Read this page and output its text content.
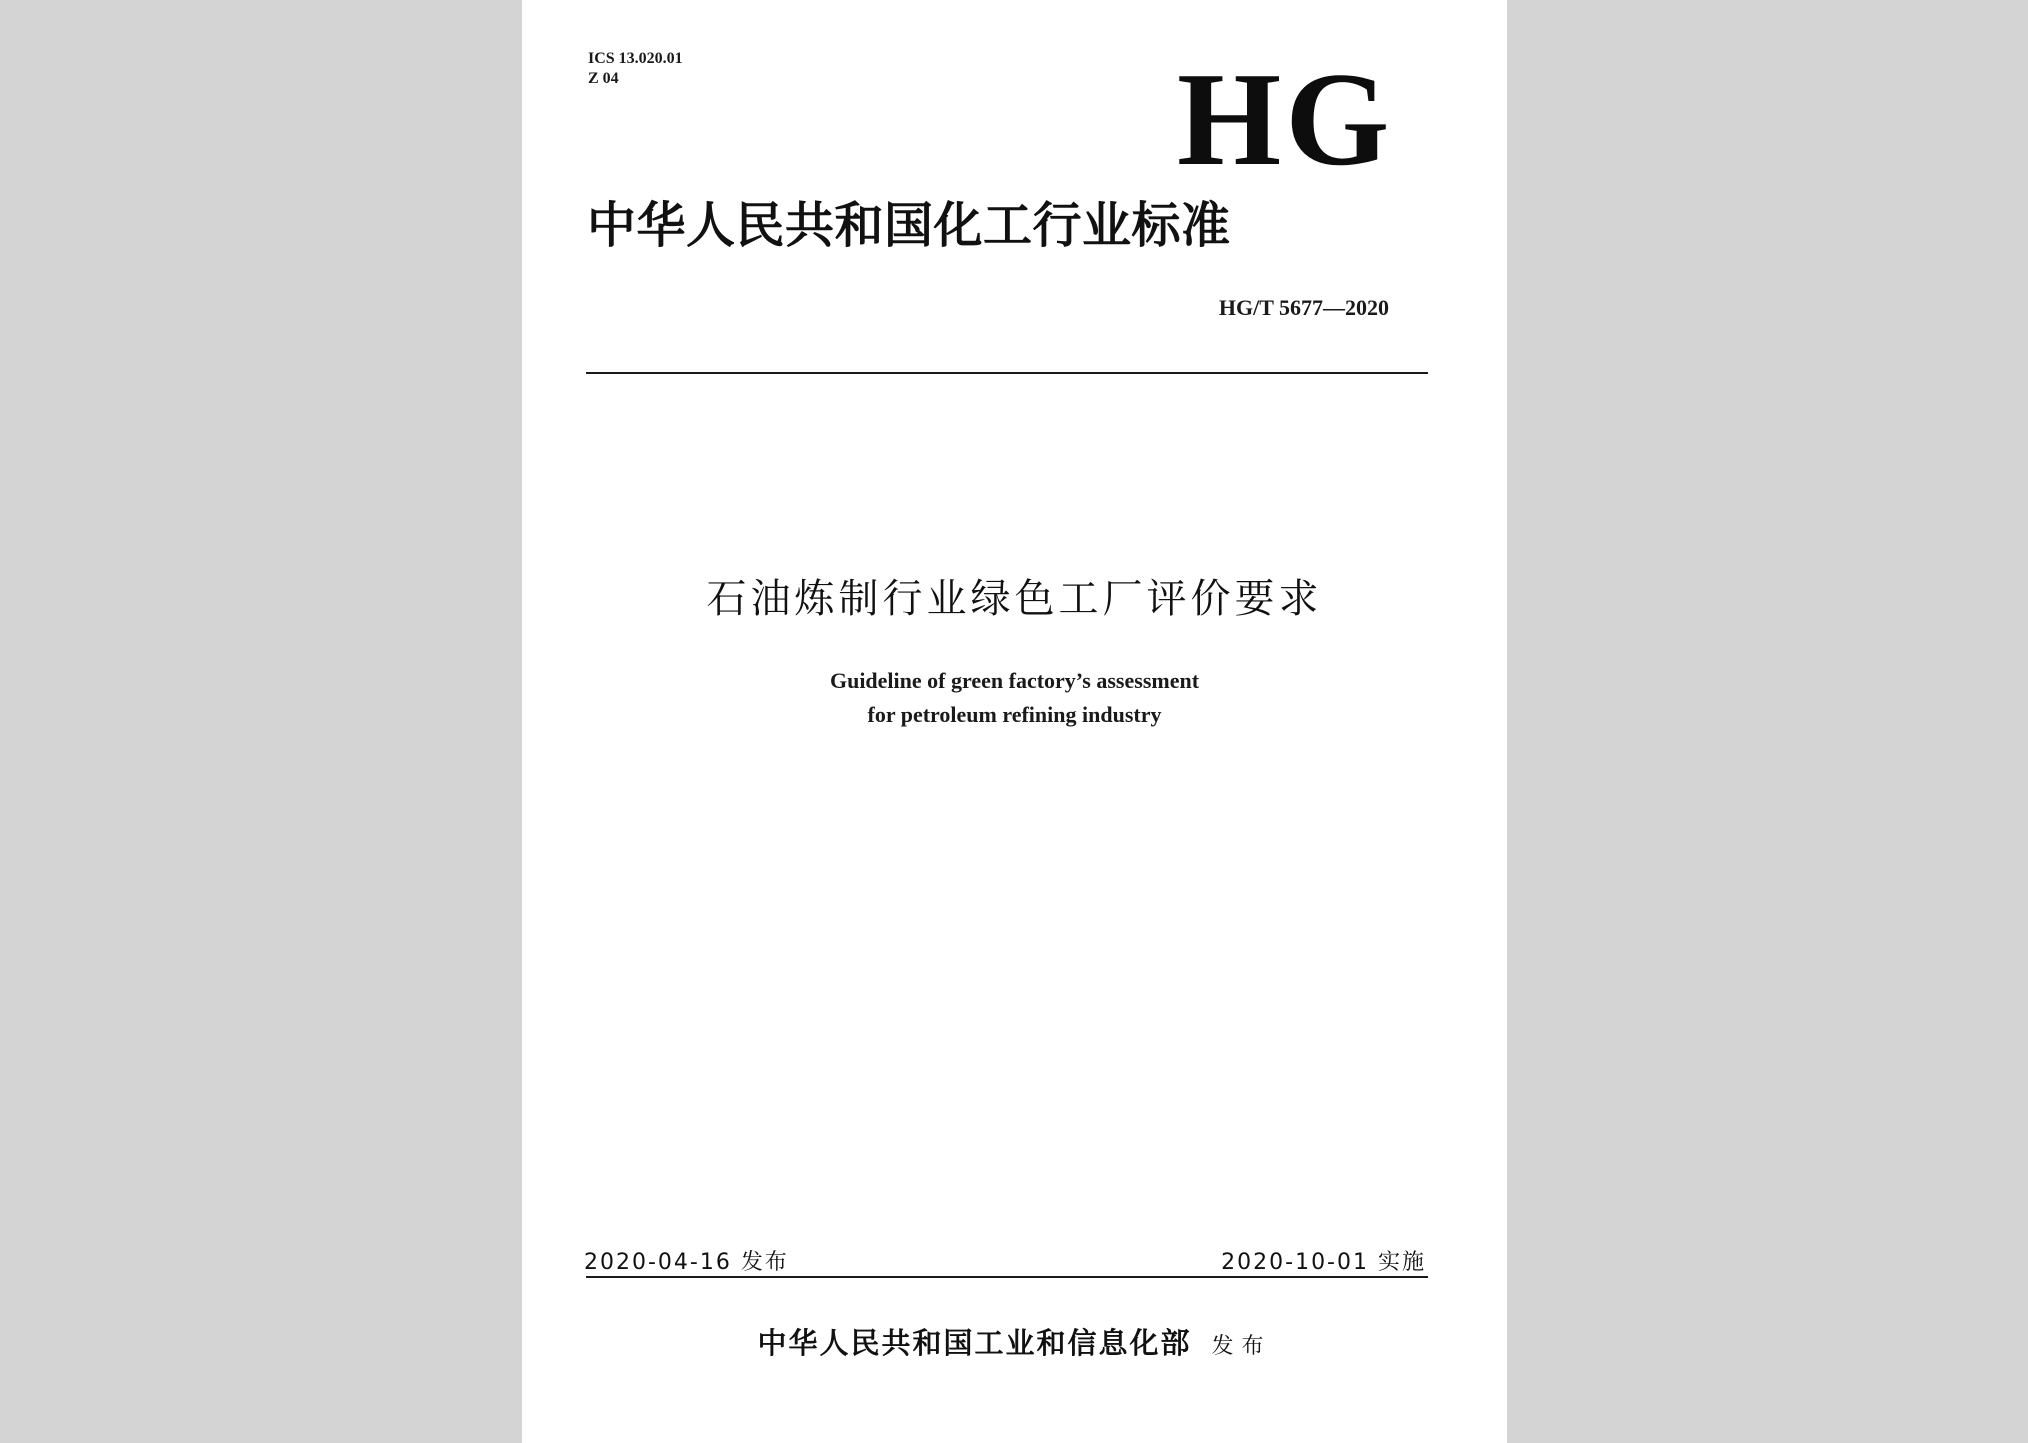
ICS 13.020.01
Z 04	HG
中华人民共和国化工行业标准
HG/T 5677—2020
石油炼制行业绿色工厂评价要求
Guideline of green factory’s assessment
for petroleum refining industry
2020-04-16 发布	2020-10-01 实施
中华人民共和国工业和信息化部 发布
